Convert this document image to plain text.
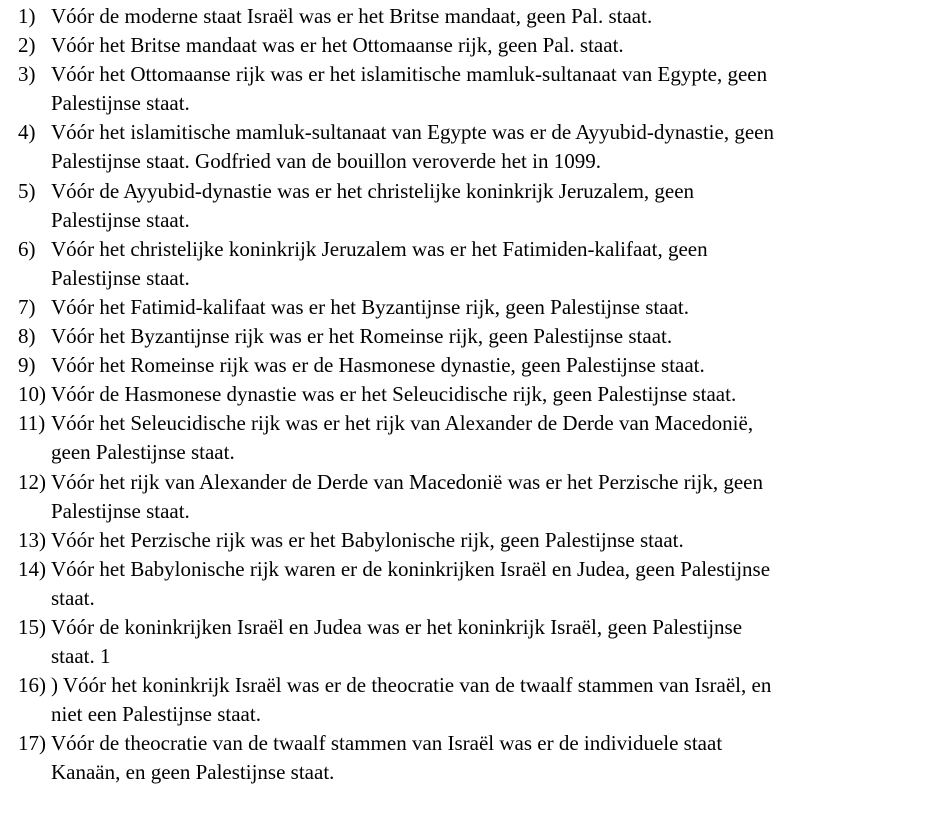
1) Vóór de moderne staat Israël was er het Britse mandaat, geen Pal. staat.
2) Vóór het Britse mandaat was er het Ottomaanse rijk, geen Pal. staat.
3) Vóór het Ottomaanse rijk was er het islamitische mamluk-sultanaat van Egypte, geen
Palestijnse staat.
4) Vóór het islamitische mamluk-sultanaat van Egypte was er de Ayyubid-dynastie, geen
Palestijnse staat. Godfried van de bouillon veroverde het in 1099.
5) Vóór de Ayyubid-dynastie was er het christelijke koninkrijk Jeruzalem, geen
Palestijnse staat.
6) Vóór het christelijke koninkrijk Jeruzalem was er het Fatimiden-kalifaat, geen
Palestijnse staat.
7) Vóór het Fatimid-kalifaat was er het Byzantijnse rijk, geen Palestijnse staat.
8) Vóór het Byzantijnse rijk was er het Romeinse rijk, geen Palestijnse staat.
9) Vóór het Romeinse rijk was er de Hasmonese dynastie, geen Palestijnse staat.
10) Vóór de Hasmonese dynastie was er het Seleucidische rijk, geen Palestijnse staat.
11) Vóór het Seleucidische rijk was er het rijk van Alexander de Derde van Macedonië,
geen Palestijnse staat.
12) Vóór het rijk van Alexander de Derde van Macedonië was er het Perzische rijk, geen
Palestijnse staat.
13) Vóór het Perzische rijk was er het Babylonische rijk, geen Palestijnse staat.
14) Vóór het Babylonische rijk waren er de koninkrijken Israël en Judea, geen Palestijnse
staat.
15) Vóór de koninkrijken Israël en Judea was er het koninkrijk Israël, geen Palestijnse
staat. 1
16) ) Vóór het koninkrijk Israël was er de theocratie van de twaalf stammen van Israël, en
niet een Palestijnse staat.
17) Vóór de theocratie van de twaalf stammen van Israël was er de individuele staat
Kanaän, en geen Palestijnse staat.
